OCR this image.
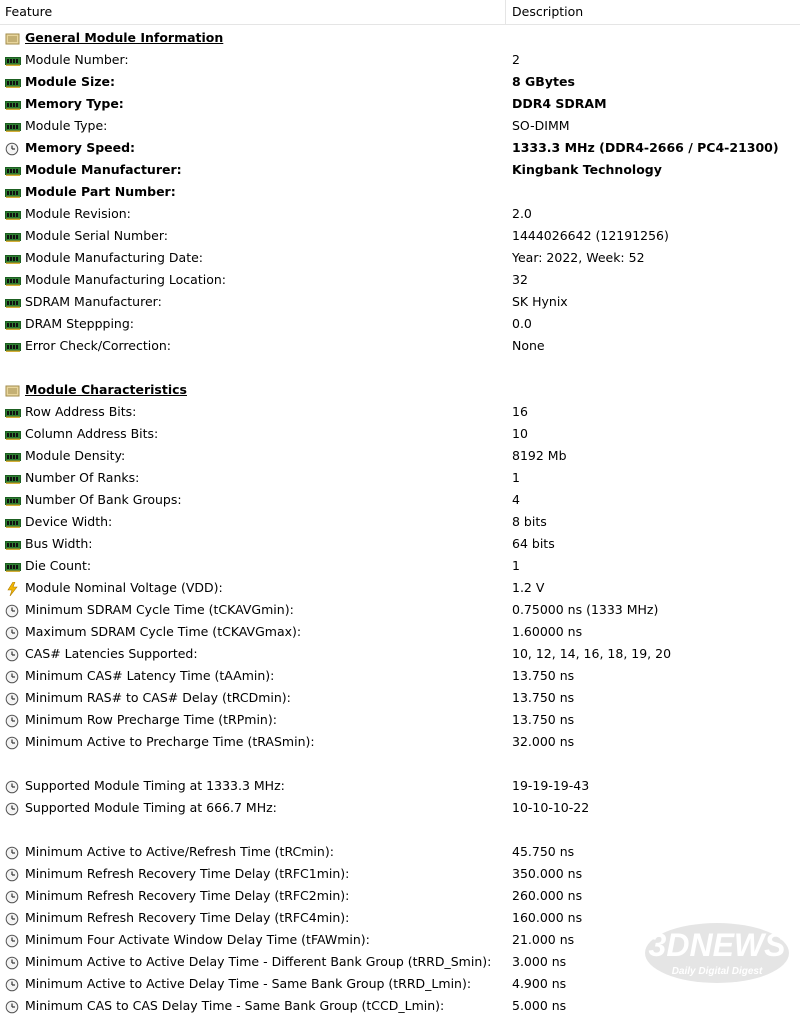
Feature	Description
General Module Information
Module Number:	2
Module Size:	8 GBytes
Memory Type:	DDR4 SDRAM
Module Type:	SO-DIMM
Memory Speed:	1333.3 MHz (DDR4-2666 / PC4-21300)
Module Manufacturer:	Kingbank Technology
Module Part Number:
Module Revision:	2.0
Module Serial Number:	1444026642 (12191256)
Module Manufacturing Date:	Year: 2022, Week: 52
Module Manufacturing Location:	32
SDRAM Manufacturer:	SK Hynix
DRAM Steppping:	0.0
Error Check/Correction:	None
Module Characteristics
Row Address Bits:	16
Column Address Bits:	10
Module Density:	8192 Mb
Number Of Ranks:	1
Number Of Bank Groups:	4
Device Width:	8 bits
Bus Width:	64 bits
Die Count:	1
Module Nominal Voltage (VDD):	1.2 V
Minimum SDRAM Cycle Time (tCKAVGmin):	0.75000 ns (1333 MHz)
Maximum SDRAM Cycle Time (tCKAVGmax):	1.60000 ns
CAS# Latencies Supported:	10, 12, 14, 16, 18, 19, 20
Minimum CAS# Latency Time (tAAmin):	13.750 ns
Minimum RAS# to CAS# Delay (tRCDmin):	13.750 ns
Minimum Row Precharge Time (tRPmin):	13.750 ns
Minimum Active to Precharge Time (tRASmin):	32.000 ns
Supported Module Timing at 1333.3 MHz:	19-19-19-43
Supported Module Timing at 666.7 MHz:	10-10-10-22
Minimum Active to Active/Refresh Time (tRCmin):	45.750 ns
Minimum Refresh Recovery Time Delay (tRFC1min):	350.000 ns
Minimum Refresh Recovery Time Delay (tRFC2min):	260.000 ns
Minimum Refresh Recovery Time Delay (tRFC4min):	160.000 ns
Minimum Four Activate Window Delay Time (tFAWmin):	21.000 ns
Minimum Active to Active Delay Time - Different Bank Group (tRRD_Smin): 3.000 ns
Minimum Active to Active Delay Time - Same Bank Group (tRRD_Lmin):	4.900 ns
Minimum CAS to CAS Delay Time - Same Bank Group (tCCD_Lmin):	5.000 ns
3DNEWS
Daily Digital Digest
